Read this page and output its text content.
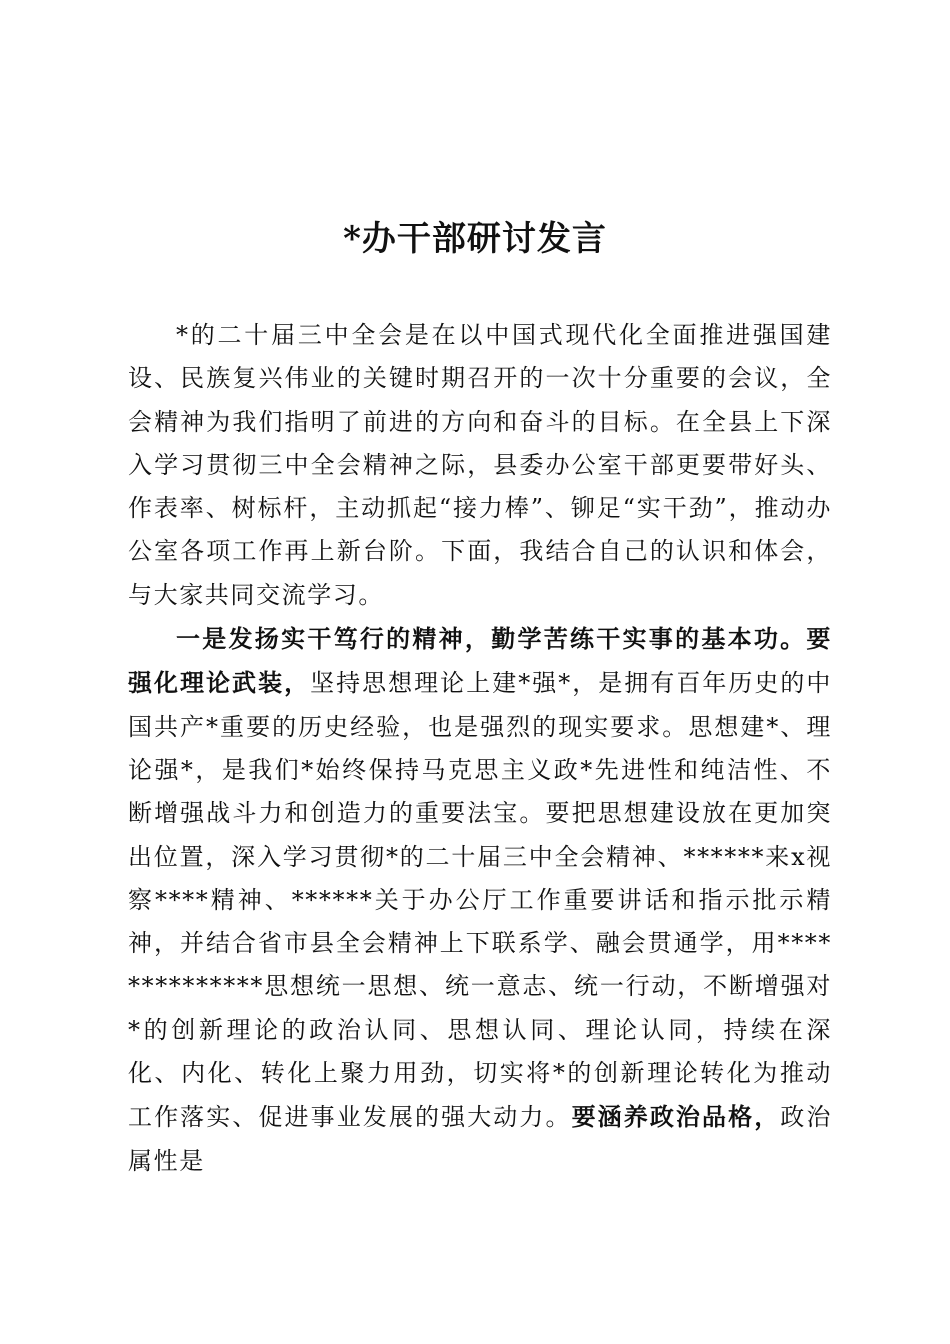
*办干部研讨发言

*的二十届三中全会是在以中国式现代化全面推进强国建设、民族复兴伟业的关键时期召开的一次十分重要的会议，全会精神为我们指明了前进的方向和奋斗的目标。在全县上下深入学习贯彻三中全会精神之际，县委办公室干部更要带好头、作表率、树标杆，主动抓起“接力棒”、铆足“实干劲”，推动办公室各项工作再上新台阶。下面，我结合自己的认识和体会，与大家共同交流学习。

一是发扬实干笃行的精神，勤学苦练干实事的基本功。要强化理论武装，坚持思想理论上建*强*，是拥有百年历史的中国共产*重要的历史经验，也是强烈的现实要求。思想建*、理论强*，是我们*始终保持马克思主义政*先进性和纯洁性、不断增强战斗力和创造力的重要法宝。要把思想建设放在更加突出位置，深入学习贯彻*的二十届三中全会精神、******来x视察****精神、******关于办公厅工作重要讲话和指示批示精神，并结合省市县全会精神上下联系学、融会贯通学，用**************思想统一思想、统一意志、统一行动，不断增强对*的创新理论的政治认同、思想认同、理论认同，持续在深化、内化、转化上聚力用劲，切实将*的创新理论转化为推动工作落实、促进事业发展的强大动力。要涵养政治品格，政治属性是
